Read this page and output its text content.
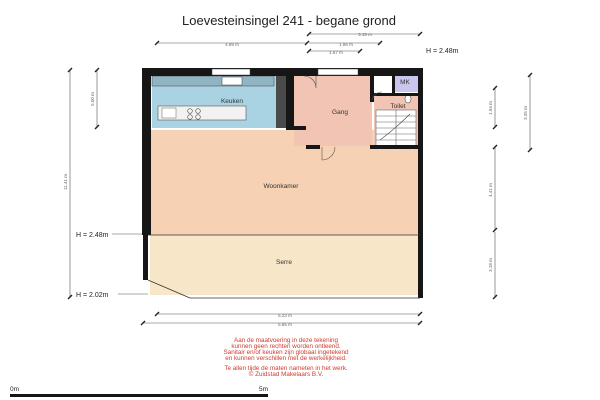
Loevesteinsingel 241 - begane grond
4.89 m
3.15 m
1.86 m
1.67 m	H = 2.48m
11.41 m
5.00 m
H = 2.48m
H = 2.02m
1.94 m	3.35 m
4.41 m
3.18 m
5.23 m
5.85 m
Keuken
Gang
MK
Toilet
Woonkamer
Serre
Aan de maatvoering in deze tekening
kunnen geen rechten worden ontleend.
Sanitair en/of keuken zijn globaal ingetekend
en kunnen verschillen met de werkelijkheid.
Te allen tijde de maten nameten in het werk.
© Zuidstad Makelaars B.V.
0m	5m
